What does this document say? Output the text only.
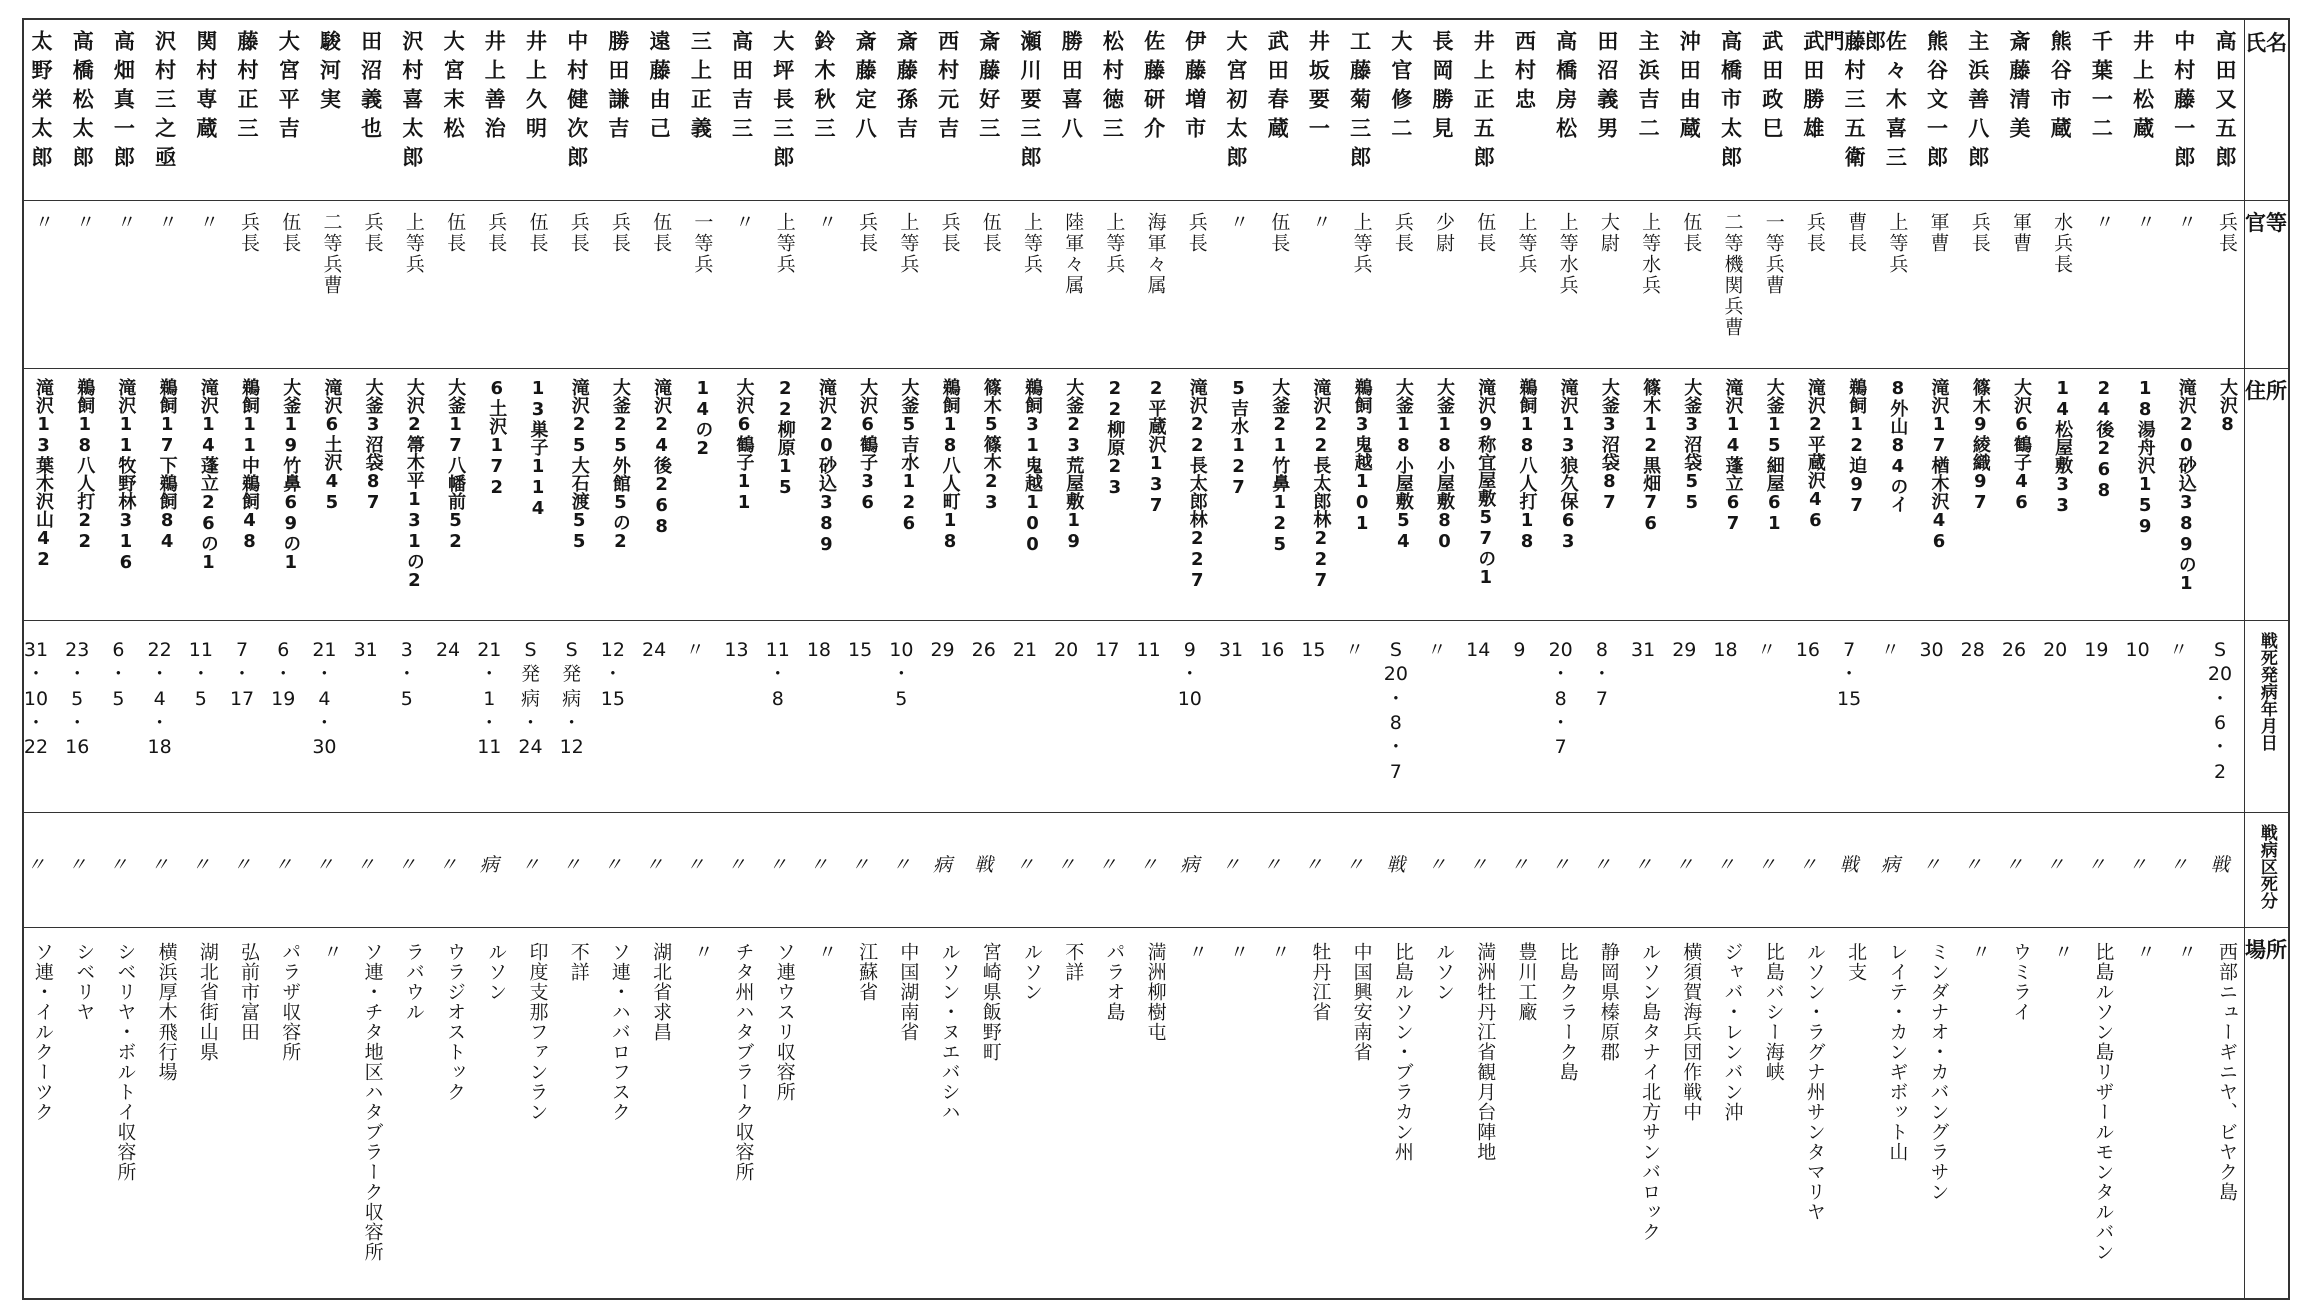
氏名
官等
住所
戦死発病年月日
戦病区死分
場所
高田又五郎
兵長
大沢8
S
20
・
6
・
2
戦
西部ニューギニヤ、ビヤク島
中村藤一郎
〃
滝沢20砂込389の1
〃
〃
〃
井上松蔵
〃
18湯舟沢159
10
〃
〃
千葉一二
〃
24後268
19
〃
比島ルソン島リザールモンタルバン
熊谷市蔵
水兵長
14松屋敷33
20
〃
〃
斎藤清美
軍曹
大沢6鶴子46
26
〃
ウミライ
主浜善八郎
兵長
篠木9綾織97
28
〃
〃
熊谷文一郎
軍曹
滝沢17楢木沢46
30
〃
ミンダナオ・カバングラサン
佐々木喜三郎
上等兵
8外山84のイ
〃
病
レイテ・カンギボット山
藤村三五衛門
曹長
鵜飼12迫97
7
・
15
戦
北支
武田勝雄
兵長
滝沢2平蔵沢46
16
〃
ルソン・ラグナ州サンタマリヤ
武田政巳
一等兵曹
大釜15細屋61
〃
〃
比島バシー海峡
高橋市太郎
二等機関兵曹
滝沢14蓬立67
18
〃
ジャバ・レンバン沖
沖田由蔵
伍長
大釜3沼袋55
29
〃
横須賀海兵団作戦中
主浜吉二
上等水兵
篠木12黒畑76
31
〃
ルソン島タナイ北方サンバロック
田沼義男
大尉
大釜3沼袋87
8
・
7
〃
静岡県榛原郡
高橋房松
上等水兵
滝沢13狼久保63
20
・
8
・
7
〃
比島クラーク島
西村忠
上等兵
鵜飼18八人打18
9
〃
豊川工廠
井上正五郎
伍長
滝沢9称宜屋敷57の1
14
〃
満洲牡丹江省観月台陣地
長岡勝見
少尉
大釜18小屋敷80
〃
〃
ルソン
大官修二
兵長
大釜18小屋敷54
S
20
・
8
・
7
戦
比島ルソン・ブラカン州
工藤菊三郎
上等兵
鵜飼3鬼越101
〃
〃
中国興安南省
井坂要一
〃
滝沢22長太郎林227
15
〃
牡丹江省
武田春蔵
伍長
大釜21竹鼻125
16
〃
〃
大宮初太郎
〃
5吉水127
31
〃
〃
伊藤増市
兵長
滝沢22長太郎林227
9
・
10
病
〃
佐藤研介
海軍々属
2平蔵沢137
11
〃
満洲柳樹屯
松村徳三
上等兵
22柳原23
17
〃
パラオ島
勝田喜八
陸軍々属
大釜23荒屋敷19
20
〃
不詳
瀬川要三郎
上等兵
鵜飼31鬼越100
21
〃
ルソン
斎藤好三
伍長
篠木5篠木23
26
戦
宮崎県飯野町
西村元吉
兵長
鵜飼18八人町18
29
病
ルソン・ヌエバシハ
斎藤孫吉
上等兵
大釜5吉水126
10
・
5
〃
中国湖南省
斎藤定八
兵長
大沢6鶴子36
15
〃
江蘇省
鈴木秋三
〃
滝沢20砂込389
18
〃
〃
大坪長三郎
上等兵
22柳原15
11
・
8
〃
ソ連ウスリ収容所
高田吉三
〃
大沢6鶴子11
13
〃
チタ州ハタブラーク収容所
三上正義
一等兵
14の2
〃
〃
〃
遠藤由己
伍長
滝沢24後268
24
〃
湖北省求昌
勝田謙吉
兵長
大釜25外館5の2
12
・
15
〃
ソ連・ハバロフスク
中村健次郎
兵長
滝沢25大石渡55
S
発
病
・
12
〃
不詳
井上久明
伍長
13巣子114
S
発
病
・
24
〃
印度支那ファンラン
井上善治
兵長
6土沢172
21
・
1
・
11
病
ルソン
大宮末松
伍長
大釜17八幡前52
24
〃
ウラジオストック
沢村喜太郎
上等兵
大沢2箒木平131の2
3
・
5
〃
ラバウル
田沼義也
兵長
大釜3沼袋87
31
〃
ソ連・チタ地区ハタブラーク収容所
駿河実
二等兵曹
滝沢6土沢45
21
・
4
・
30
〃
〃
大宮平吉
伍長
大釜19竹鼻69の1
6
・
19
〃
パラザ収容所
藤村正三
兵長
鵜飼11中鵜飼48
7
・
17
〃
弘前市富田
関村専蔵
〃
滝沢14蓬立26の1
11
・
5
〃
湖北省街山県
沢村三之亟
〃
鵜飼17下鵜飼84
22
・
4
・
18
〃
横浜厚木飛行場
高畑真一郎
〃
滝沢11牧野林316
6
・
5
〃
シベリヤ・ボルトイ収容所
高橋松太郎
〃
鵜飼18八人打22
23
・
5
・
16
〃
シベリヤ
太野栄太郎
〃
滝沢13葉木沢山42
31
・
10
・
22
〃
ソ連・イルクーツク
